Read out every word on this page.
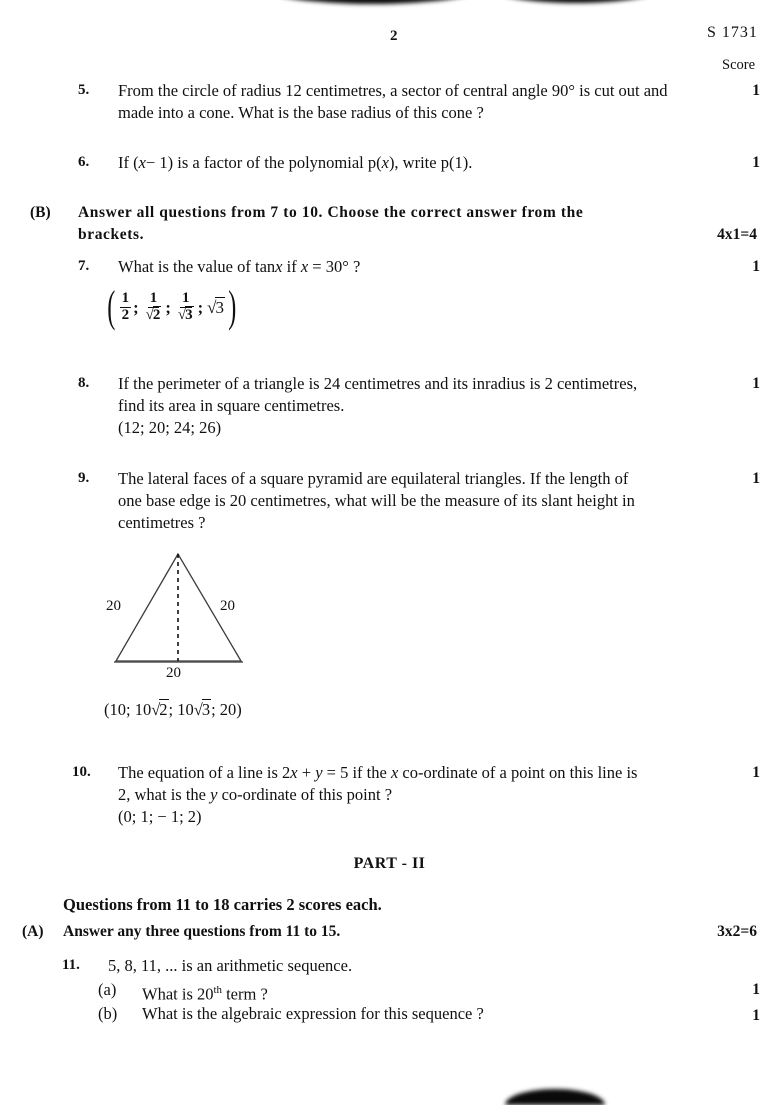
2	S 1731
Score
5.	From the circle of radius 12 centimetres, a sector of central angle 90° is cut out and
made into a cone. What is the base radius of this cone ?
1
6.	If (x− 1) is a factor of the polynomial p(x), write p(1).	1
(B) Answer all questions from 7 to 10. Choose the correct answer from the
brackets.	4x1=4
7.	What is the value of tanx if x = 30° ?	1
( $\frac{1}{2}$ ; $\frac{1}{√2}$ ; $\frac{1}{√3}$ ; √3 )
8.	If the perimeter of a triangle is 24 centimetres and its inradius is 2 centimetres,
find its area in square centimetres.
(12; 20; 24; 26)
1
9.	The lateral faces of a square pyramid are equilateral triangles. If the length of
one base edge is 20 centimetres, what will be the measure of its slant height in
centimetres ?
1
20	20
20
(10; 10 √2 ; 10 √3 ; 20)
10.	The equation of a line is 2x + y = 5 if the x co-ordinate of a point on this line is
2, what is the y co-ordinate of this point ?
(0; 1; − 1; 2)
1
PART - II
Questions from 11 to 18 carries 2 scores each.
(A) Answer any three questions from 11 to 15.	3x2=6
11.	5, 8, 11, ... is an arithmetic sequence.
(a)	What is 20th term ?	1
(b)	What is the algebraic expression for this sequence ?	1
